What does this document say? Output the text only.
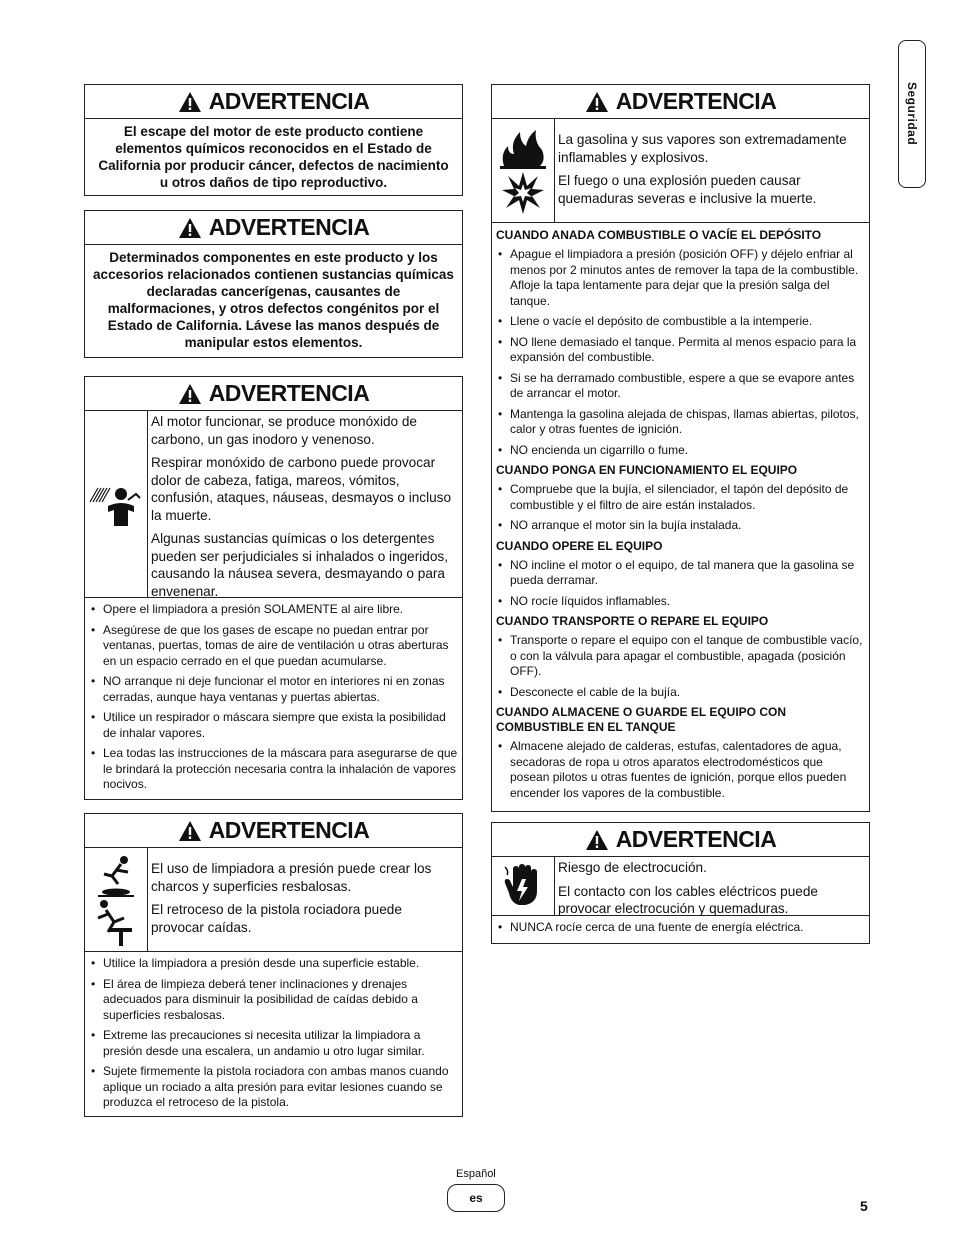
Seguridad
ADVERTENCIA
El escape del motor de este producto contiene elementos químicos reconocidos en el Estado de California por producir cáncer, defectos de nacimiento u otros daños de tipo reproductivo.
ADVERTENCIA
Determinados componentes en este producto y los accesorios relacionados contienen sustancias químicas declaradas cancerígenas, causantes de malformaciones, y otros defectos congénitos por el Estado de California. Lávese las manos después de manipular estos elementos.
ADVERTENCIA

Al motor funcionar, se produce monóxido de carbono, un gas inodoro y venenoso.

Respirar monóxido de carbono puede provocar dolor de cabeza, fatiga, mareos, vómitos, confusión, ataques, náuseas, desmayos o incluso la muerte.

Algunas sustancias químicas o los detergentes pueden ser perjudiciales si inhalados o ingeridos, causando la náusea severa, desmayando o para envenenar.

• Opere el limpiadora a presión SOLAMENTE al aire libre.
• Asegúrese de que los gases de escape no puedan entrar por ventanas, puertas, tomas de aire de ventilación u otras aberturas en un espacio cerrado en el que puedan acumularse.
• NO arranque ni deje funcionar el motor en interiores ni en zonas cerradas, aunque haya ventanas y puertas abiertas.
• Utilice un respirador o máscara siempre que exista la posibilidad de inhalar vapores.
• Lea todas las instrucciones de la máscara para asegurarse de que le brindará la protección necesaria contra la inhalación de vapores nocivos.
ADVERTENCIA

El uso de limpiadora a presión puede crear los charcos y superficies resbalosas.

El retroceso de la pistola rociadora puede provocar caídas.

• Utilice la limpiadora a presión desde una superficie estable.
• El área de limpieza deberá tener inclinaciones y drenajes adecuados para disminuir la posibilidad de caídas debido a superficies resbalosas.
• Extreme las precauciones si necesita utilizar la limpiadora a presión desde una escalera, un andamio u otro lugar similar.
• Sujete firmemente la pistola rociadora con ambas manos cuando aplique un rociado a alta presión para evitar lesiones cuando se produzca el retroceso de la pistola.
ADVERTENCIA

La gasolina y sus vapores son extremadamente inflamables y explosivos.

El fuego o una explosión pueden causar quemaduras severas e inclusive la muerte.

CUANDO ANADA COMBUSTIBLE O VACÍE EL DEPÓSITO
• Apague el limpiadora a presión (posición OFF) y déjelo enfriar al menos por 2 minutos antes de remover la tapa de la combustible. Afloje la tapa lentamente para dejar que la presión salga del tanque.
• Llene o vacíe el depósito de combustible a la intemperie.
• NO llene demasiado el tanque. Permita al menos espacio para la expansión del combustible.
• Si se ha derramado combustible, espere a que se evapore antes de arrancar el motor.
• Mantenga la gasolina alejada de chispas, llamas abiertas, pilotos, calor y otras fuentes de ignición.
• NO encienda un cigarrillo o fume.
CUANDO PONGA EN FUNCIONAMIENTO EL EQUIPO
• Compruebe que la bujía, el silenciador, el tapón del depósito de combustible y el filtro de aire están instalados.
• NO arranque el motor sin la bujía instalada.
CUANDO OPERE EL EQUIPO
• NO incline el motor o el equipo, de tal manera que la gasolina se pueda derramar.
• NO rocíe líquidos inflamables.
CUANDO TRANSPORTE O REPARE EL EQUIPO
• Transporte o repare el equipo con el tanque de combustible vacío, o con la válvula para apagar el combustible, apagada (posición OFF).
• Desconecte el cable de la bujía.
CUANDO ALMACENE O GUARDE EL EQUIPO CON COMBUSTIBLE EN EL TANQUE
• Almacene alejado de calderas, estufas, calentadores de agua, secadoras de ropa u otros aparatos electrodomésticos que posean pilotos u otras fuentes de ignición, porque ellos pueden encender los vapores de la combustible.
ADVERTENCIA

Riesgo de electrocución.

El contacto con los cables eléctricos puede provocar electrocución y quemaduras.

• NUNCA rocíe cerca de una fuente de energía eléctrica.
Español
es	5
